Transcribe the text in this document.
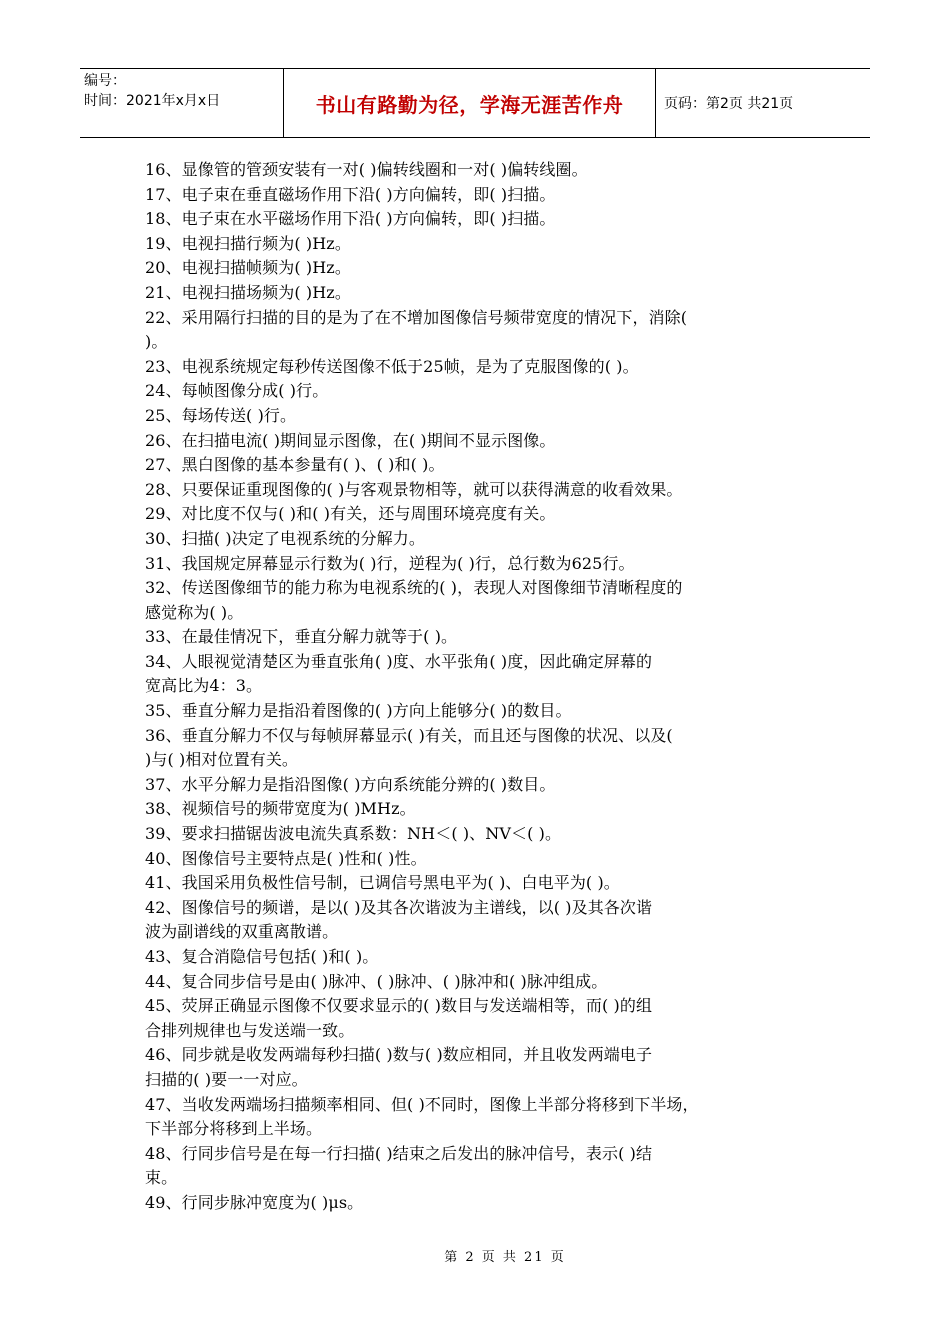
编号：
时间：2021年x月x日	书山有路勤为径，学海无涯苦作舟	页码：第2页 共21页
16、显像管的管颈安装有一对( )偏转线圈和一对( )偏转线圈。
17、电子束在垂直磁场作用下沿( )方向偏转，即( )扫描。
18、电子束在水平磁场作用下沿( )方向偏转，即( )扫描。
19、电视扫描行频为( )Hz。
20、电视扫描帧频为( )Hz。
21、电视扫描场频为( )Hz。
22、采用隔行扫描的目的是为了在不增加图像信号频带宽度的情况下，消除(
)。
23、电视系统规定每秒传送图像不低于25帧，是为了克服图像的( )。
24、每帧图像分成( )行。
25、每场传送( )行。
26、在扫描电流( )期间显示图像，在( )期间不显示图像。
27、黑白图像的基本参量有( )、( )和( )。
28、只要保证重现图像的( )与客观景物相等，就可以获得满意的收看效果。
29、对比度不仅与( )和( )有关，还与周围环境亮度有关。
30、扫描( )决定了电视系统的分解力。
31、我国规定屏幕显示行数为( )行，逆程为( )行，总行数为625行。
32、传送图像细节的能力称为电视系统的( )，表现人对图像细节清晰程度的
感觉称为( )。
33、在最佳情况下，垂直分解力就等于( )。
34、人眼视觉清楚区为垂直张角( )度、水平张角( )度，因此确定屏幕的
宽高比为4：3。
35、垂直分解力是指沿着图像的( )方向上能够分( )的数目。
36、垂直分解力不仅与每帧屏幕显示( )有关，而且还与图像的状况、以及(
)与( )相对位置有关。
37、水平分解力是指沿图像( )方向系统能分辨的( )数目。
38、视频信号的频带宽度为( )MHz。
39、要求扫描锯齿波电流失真系数：NH＜( )、NV＜( )。
40、图像信号主要特点是( )性和( )性。
41、我国采用负极性信号制，已调信号黑电平为( )、白电平为( )。
42、图像信号的频谱，是以( )及其各次谐波为主谱线，以( )及其各次谐
波为副谱线的双重离散谱。
43、复合消隐信号包括( )和( )。
44、复合同步信号是由( )脉冲、( )脉冲、( )脉冲和( )脉冲组成。
45、荧屏正确显示图像不仅要求显示的( )数目与发送端相等，而( )的组
合排列规律也与发送端一致。
46、同步就是收发两端每秒扫描( )数与( )数应相同，并且收发两端电子
扫描的( )要一一对应。
47、当收发两端场扫描频率相同、但( )不同时，图像上半部分将移到下半场，
下半部分将移到上半场。
48、行同步信号是在每一行扫描( )结束之后发出的脉冲信号，表示( )结
束。
49、行同步脉冲宽度为( )μs。
第 2 页 共 21 页
